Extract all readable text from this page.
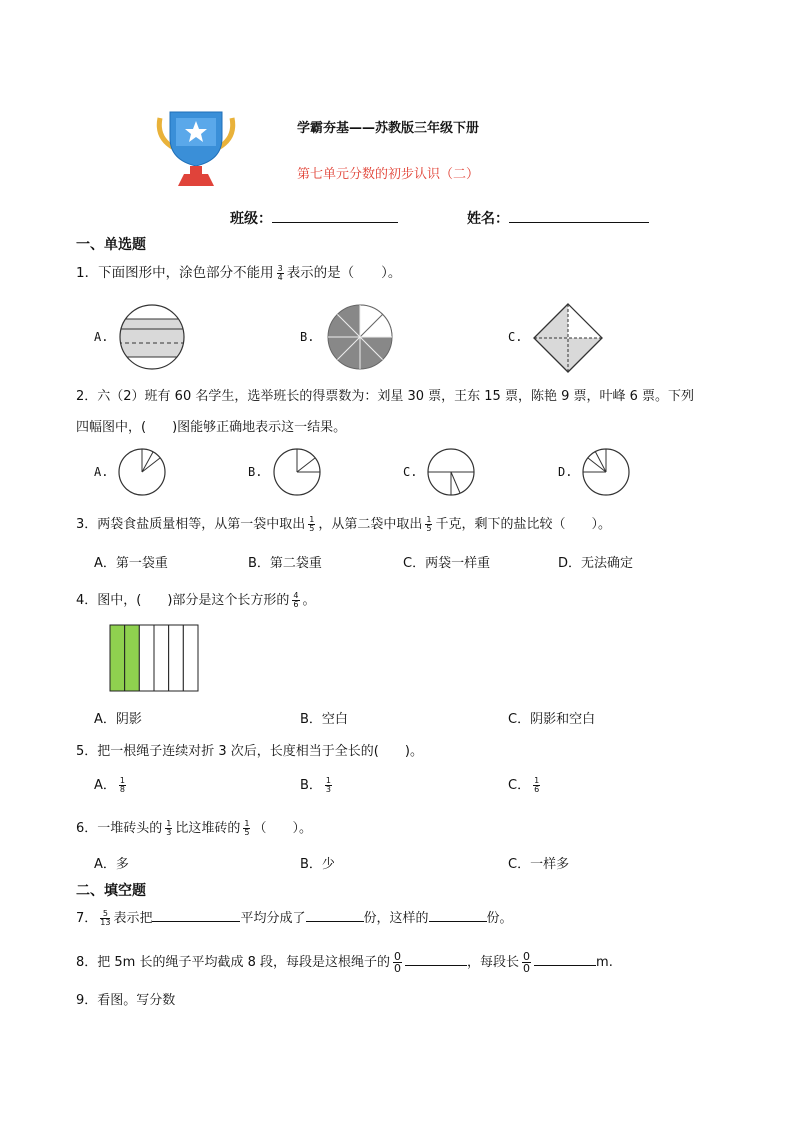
学霸夯基——苏教版三年级下册
第七单元分数的初步认识（二）
班级：	姓名：
一、单选题
1．下面图形中，涂色部分不能用 $\frac{3}{4}$ 表示的是（　　）。
A.	B.	C.
2．六（2）班有 60 名学生，选举班长的得票数为：刘星 30 票，王东 15 票，陈艳 9 票，叶峰 6 票。下列
四幅图中，(　　)图能够正确地表示这一结果。
A.	B.	C.	D.
3．两袋食盐质量相等，从第一袋中取出 $\frac{1}{5}$ ，从第二袋中取出 $\frac{1}{5}$ 千克，剩下的盐比较（　　）。
A．第一袋重	B．第二袋重	C．两袋一样重	D．无法确定
4．图中，(　　)部分是这个长方形的 $\frac{4}{6}$ 。
A．阴影	B．空白	C．阴影和空白
5．把一根绳子连续对折 3 次后，长度相当于全长的(　　)。
A． $\frac{1}{8}$	B． $\frac{1}{3}$	C． $\frac{1}{6}$
6．一堆砖头的 $\frac{1}{3}$ 比这堆砖的 $\frac{1}{5}$ （　　）。
A．多	B．少	C．一样多
二、填空题
7． $\frac{5}{13}$ 表示把	平均分成了	份，这样的	份。
8．把 5m 长的绳子平均截成 8 段，每段是这根绳子的 $\frac{0}{0}$	，每段长 $\frac{0}{0}$	m.
9．看图。写分数
